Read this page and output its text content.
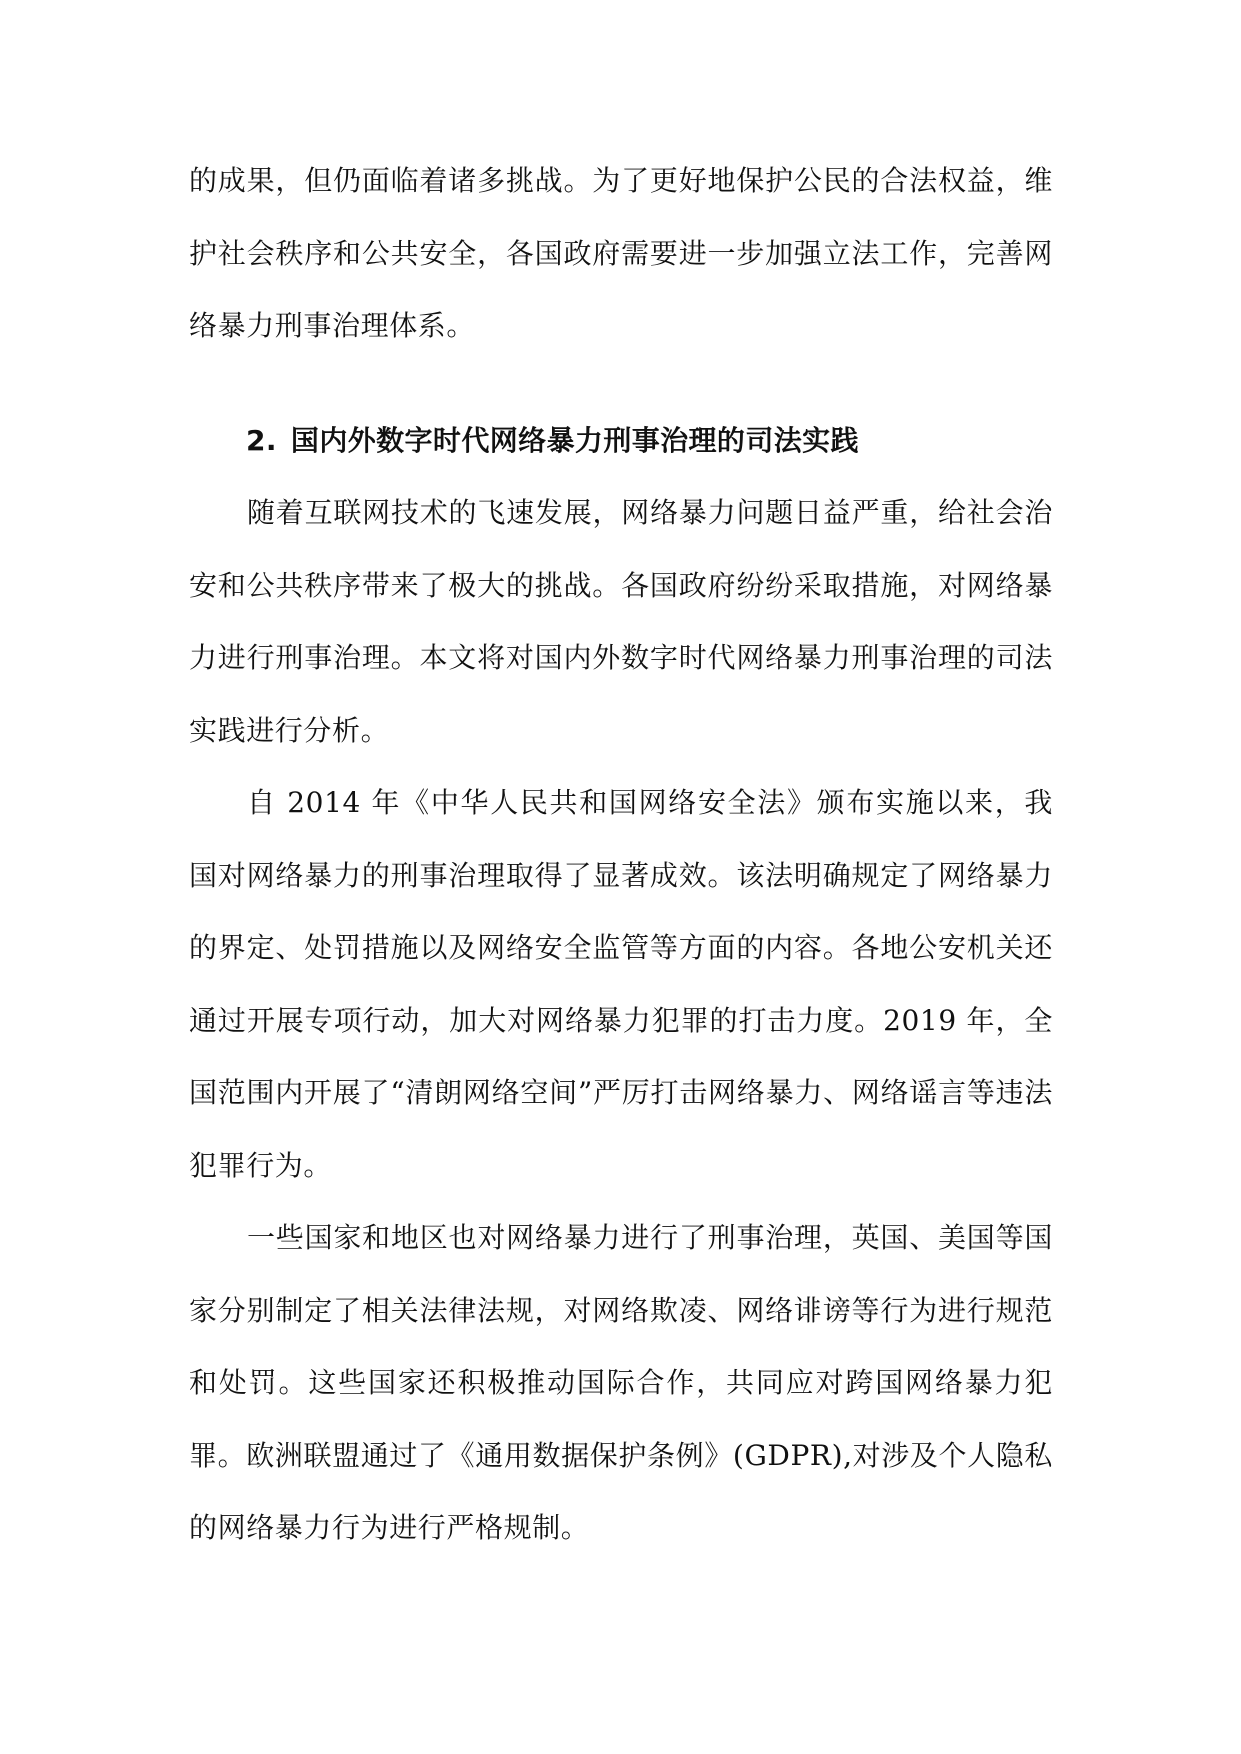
的成果，但仍面临着诸多挑战。为了更好地保护公民的合法权益，维护社会秩序和公共安全，各国政府需要进一步加强立法工作，完善网络暴力刑事治理体系。

2. 国内外数字时代网络暴力刑事治理的司法实践

随着互联网技术的飞速发展，网络暴力问题日益严重，给社会治安和公共秩序带来了极大的挑战。各国政府纷纷采取措施，对网络暴力进行刑事治理。本文将对国内外数字时代网络暴力刑事治理的司法实践进行分析。

自 2014 年《中华人民共和国网络安全法》颁布实施以来，我国对网络暴力的刑事治理取得了显著成效。该法明确规定了网络暴力的界定、处罚措施以及网络安全监管等方面的内容。各地公安机关还通过开展专项行动，加大对网络暴力犯罪的打击力度。2019 年，全国范围内开展了“清朗网络空间”严厉打击网络暴力、网络谣言等违法犯罪行为。

一些国家和地区也对网络暴力进行了刑事治理，英国、美国等国家分别制定了相关法律法规，对网络欺凌、网络诽谤等行为进行规范和处罚。这些国家还积极推动国际合作，共同应对跨国网络暴力犯罪。欧洲联盟通过了《通用数据保护条例》(GDPR),对涉及个人隐私的网络暴力行为进行严格规制。
